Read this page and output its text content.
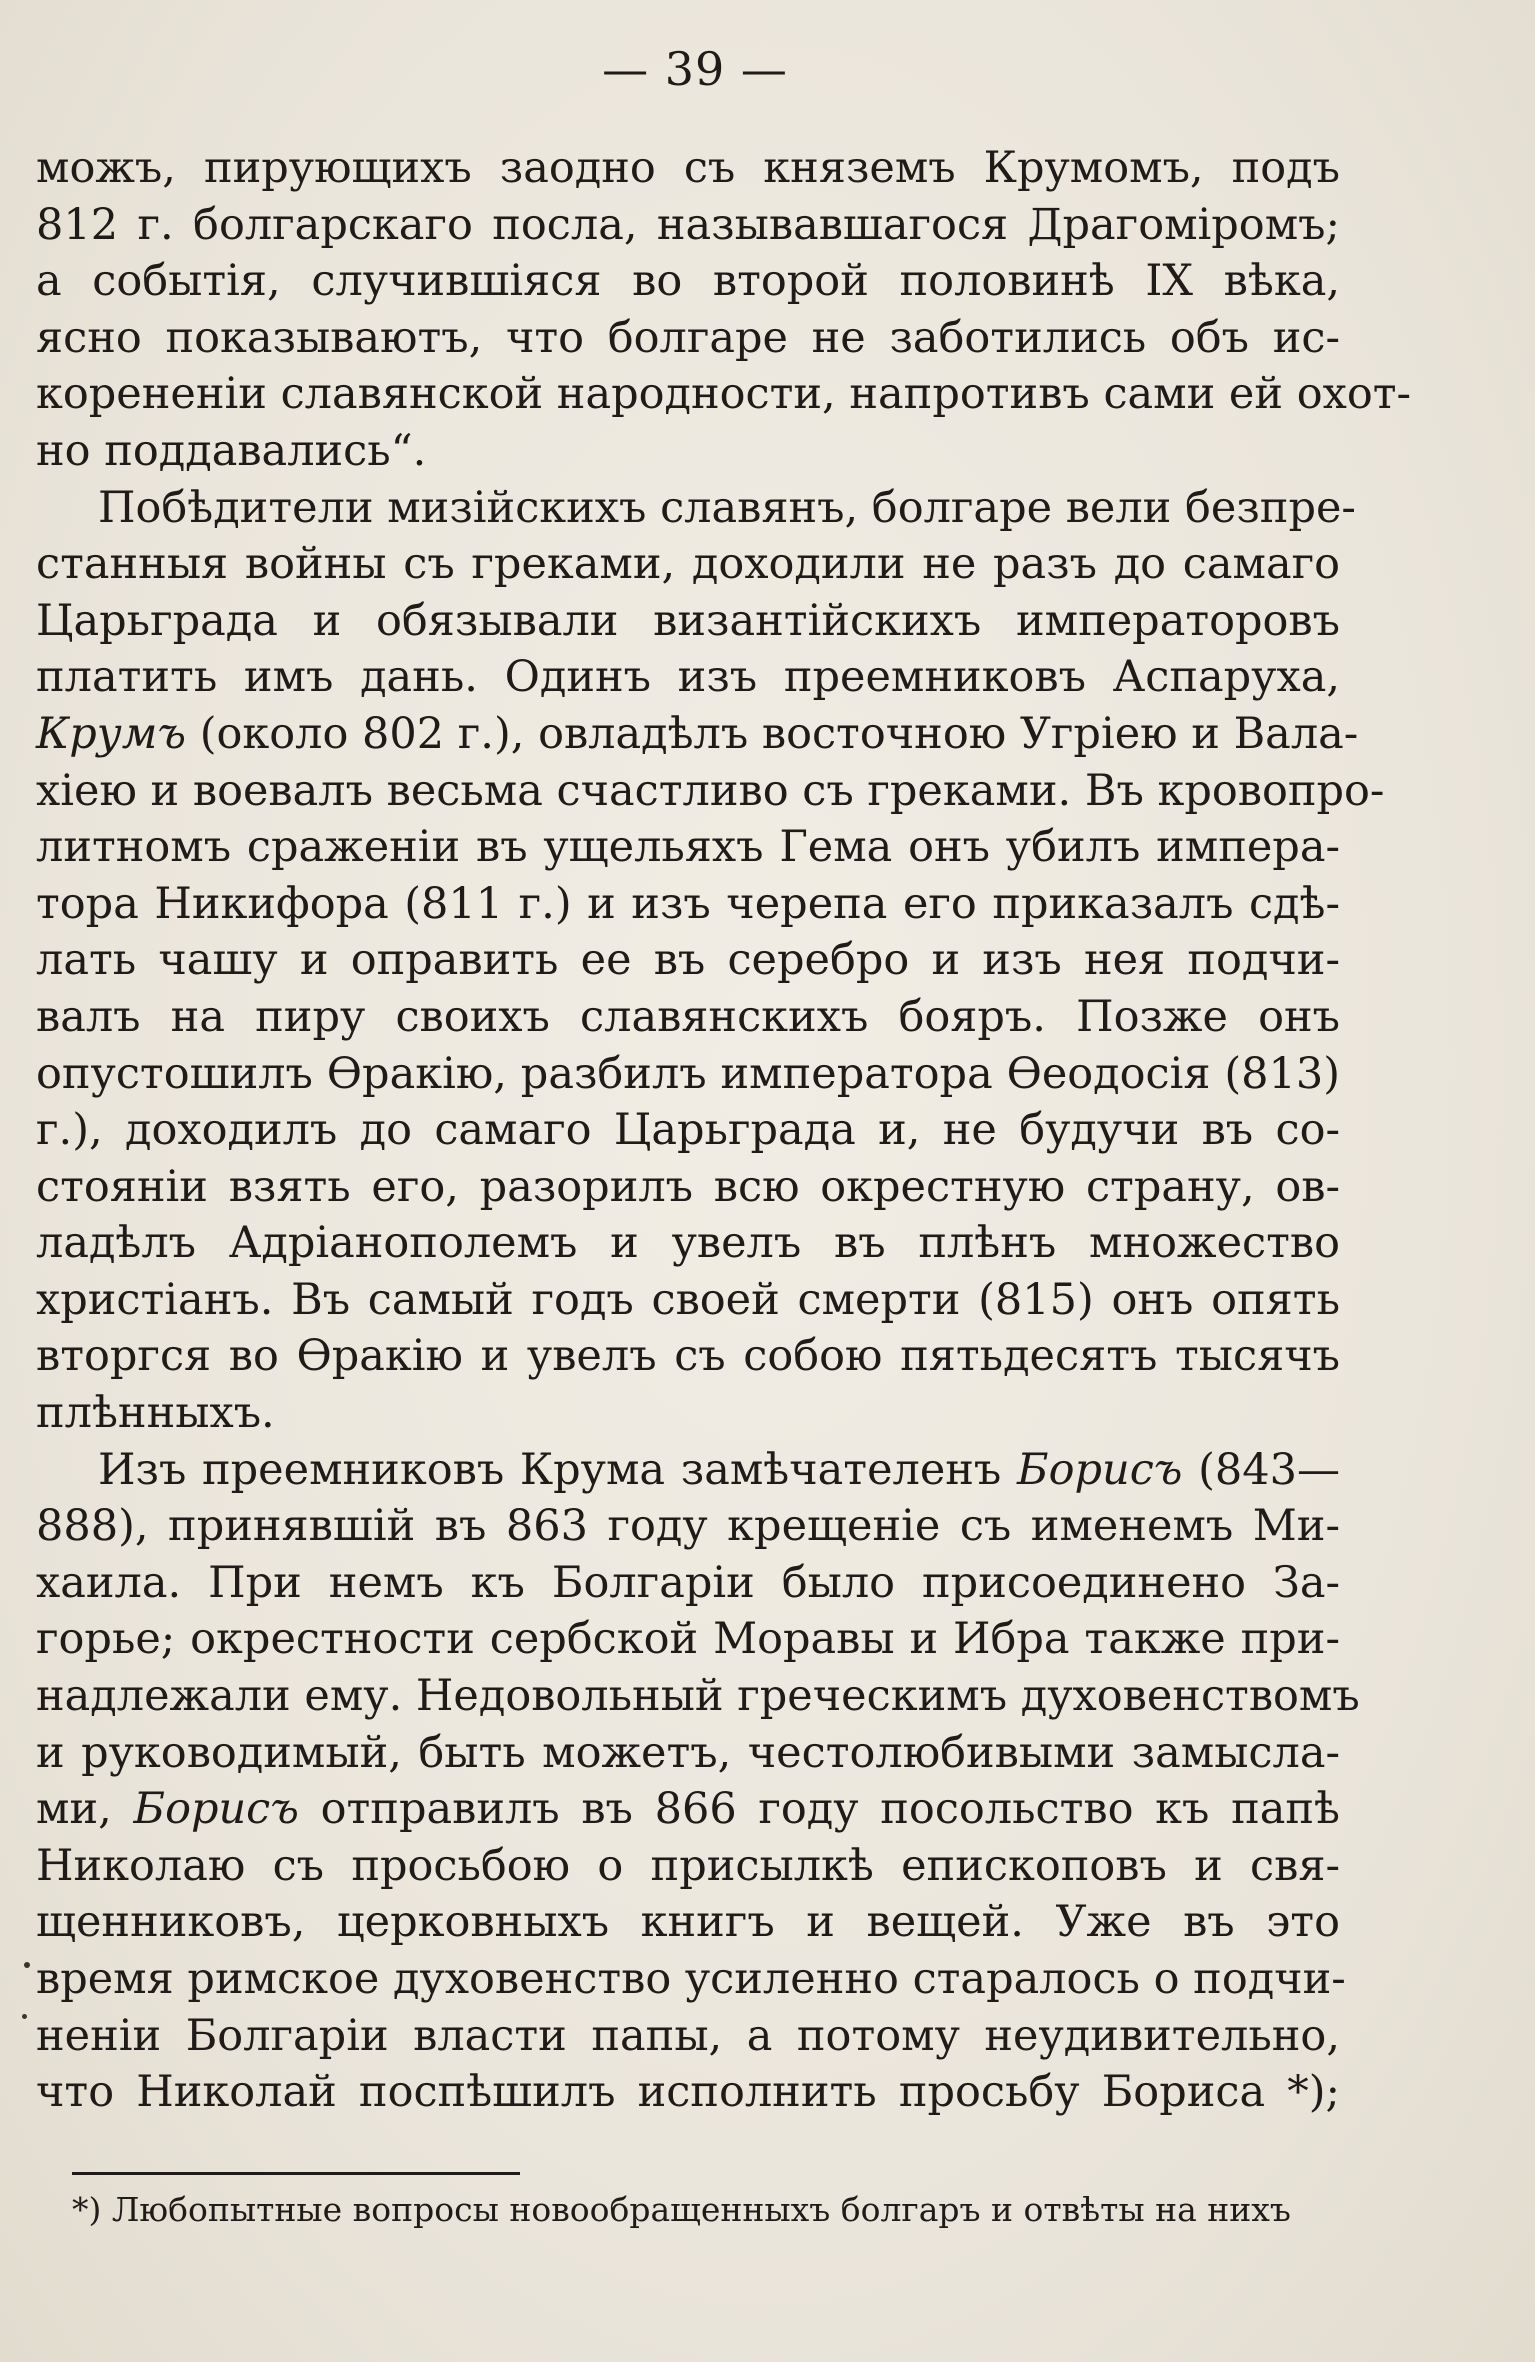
— 39 —
можъ, пирующихъ заодно съ княземъ Крумомъ, подъ
812 г. болгарскаго посла, называвшагося Драгоміромъ;
а событія, случившіяся во второй половинѣ IX вѣка,
ясно показываютъ, что болгаре не заботились объ ис-
корененіи славянской народности, напротивъ сами ей охот-
но поддавались“.
Побѣдители мизійскихъ славянъ, болгаре вели безпре-
станныя войны съ греками, доходили не разъ до самаго
Царьграда и обязывали византійскихъ императоровъ
платить имъ дань. Одинъ изъ преемниковъ Аспаруха,
Крумъ (около 802 г.), овладѣлъ восточною Угріею и Вала-
хіею и воевалъ весьма счастливо съ греками. Въ кровопро-
литномъ сраженіи въ ущельяхъ Гема онъ убилъ импера-
тора Никифора (811 г.) и изъ черепа его приказалъ сдѣ-
лать чашу и оправить ее въ серебро и изъ нея подчи-
валъ на пиру своихъ славянскихъ бояръ. Позже онъ
опустошилъ Ѳракію, разбилъ императора Ѳеодосія (813)
г.), доходилъ до самаго Царьграда и, не будучи въ со-
стояніи взять его, разорилъ всю окрестную страну, ов-
ладѣлъ Адріанополемъ и увелъ въ плѣнъ множество
христіанъ. Въ самый годъ своей смерти (815) онъ опять
вторгся во Ѳракію и увелъ съ собою пятьдесятъ тысячъ
плѣнныхъ.
Изъ преемниковъ Крума замѣчателенъ Борисъ (843—
888), принявшій въ 863 году крещеніе съ именемъ Ми-
хаила. При немъ къ Болгаріи было присоединено За-
горье; окрестности сербской Моравы и Ибра также при-
надлежали ему. Недовольный греческимъ духовенствомъ
и руководимый, быть можетъ, честолюбивыми замысла-
ми, Борисъ отправилъ въ 866 году посольство къ папѣ
Николаю съ просьбою о присылкѣ епископовъ и свя-
щенниковъ, церковныхъ книгъ и вещей. Уже въ это
время римское духовенство усиленно старалось о подчи-
неніи Болгаріи власти папы, а потому неудивительно,
что Николай поспѣшилъ исполнить просьбу Бориса *);
*) Любопытные вопросы новообращенныхъ болгаръ и отвѣты на нихъ
